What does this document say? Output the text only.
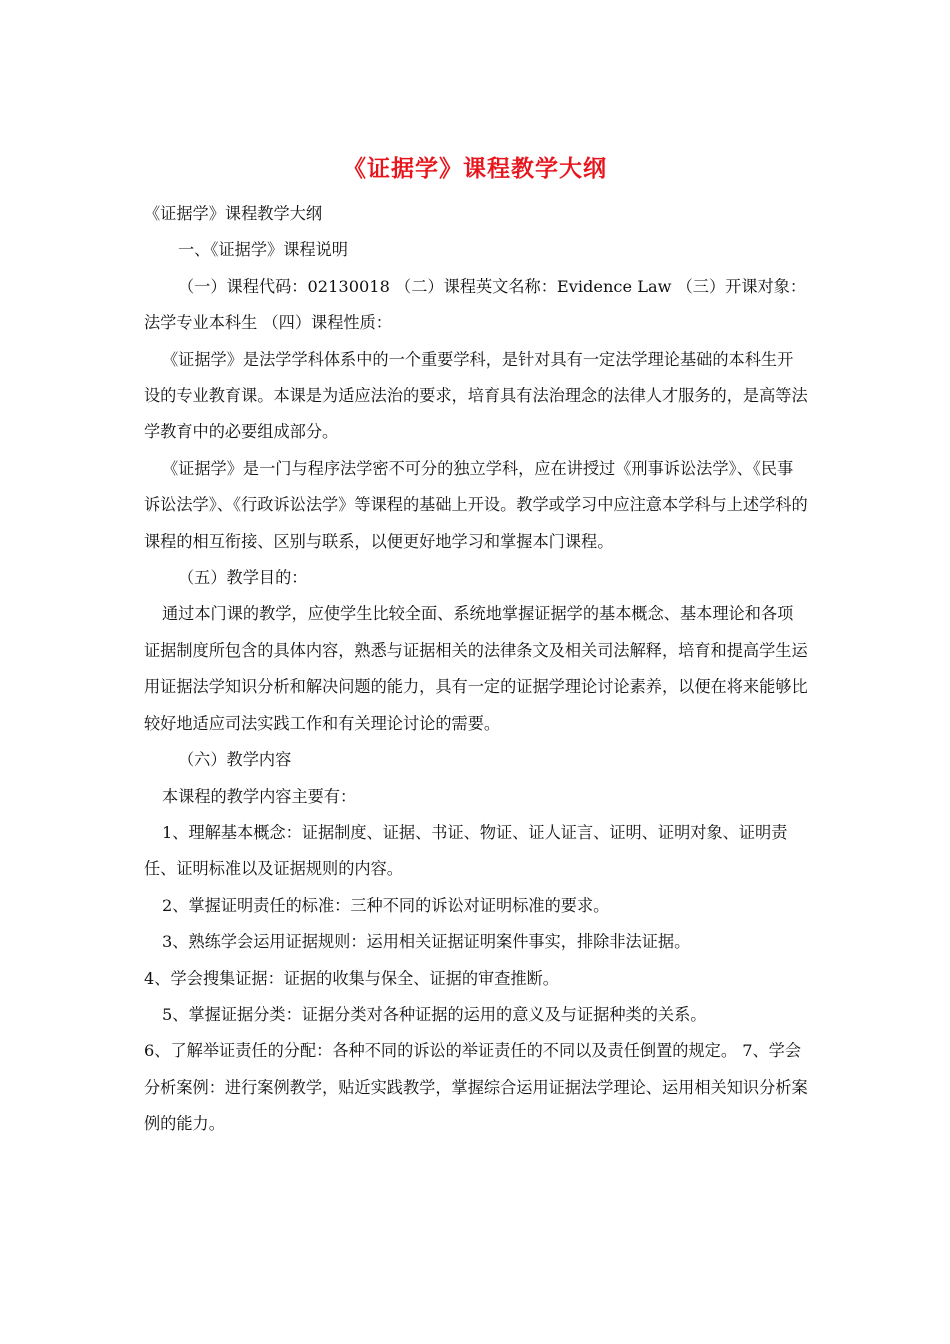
《证据学》课程教学大纲

《证据学》课程教学大纲

一、《证据学》课程说明

（一）课程代码：02130018 （二）课程英文名称：Evidence Law （三）开课对象：法学专业本科生 （四）课程性质：

《证据学》是法学学科体系中的一个重要学科，是针对具有一定法学理论基础的本科生开设的专业教育课。本课是为适应法治的要求，培育具有法治理念的法律人才服务的，是高等法学教育中的必要组成部分。

《证据学》是一门与程序法学密不可分的独立学科，应在讲授过《刑事诉讼法学》、《民事诉讼法学》、《行政诉讼法学》等课程的基础上开设。教学或学习中应注意本学科与上述学科的课程的相互衔接、区别与联系，以便更好地学习和掌握本门课程。

（五）教学目的：

通过本门课的教学，应使学生比较全面、系统地掌握证据学的基本概念、基本理论和各项证据制度所包含的具体内容，熟悉与证据相关的法律条文及相关司法解释，培育和提高学生运用证据法学知识分析和解决问题的能力，具有一定的证据学理论讨论素养，以便在将来能够比较好地适应司法实践工作和有关理论讨论的需要。

（六）教学内容

本课程的教学内容主要有：

1、理解基本概念：证据制度、证据、书证、物证、证人证言、证明、证明对象、证明责任、证明标准以及证据规则的内容。

2、掌握证明责任的标准：三种不同的诉讼对证明标准的要求。

3、熟练学会运用证据规则：运用相关证据证明案件事实，排除非法证据。

4、学会搜集证据：证据的收集与保全、证据的审查推断。

5、掌握证据分类：证据分类对各种证据的运用的意义及与证据种类的关系。

6、了解举证责任的分配：各种不同的诉讼的举证责任的不同以及责任倒置的规定。 7、学会分析案例：进行案例教学，贴近实践教学，掌握综合运用证据法学理论、运用相关知识分析案例的能力。
